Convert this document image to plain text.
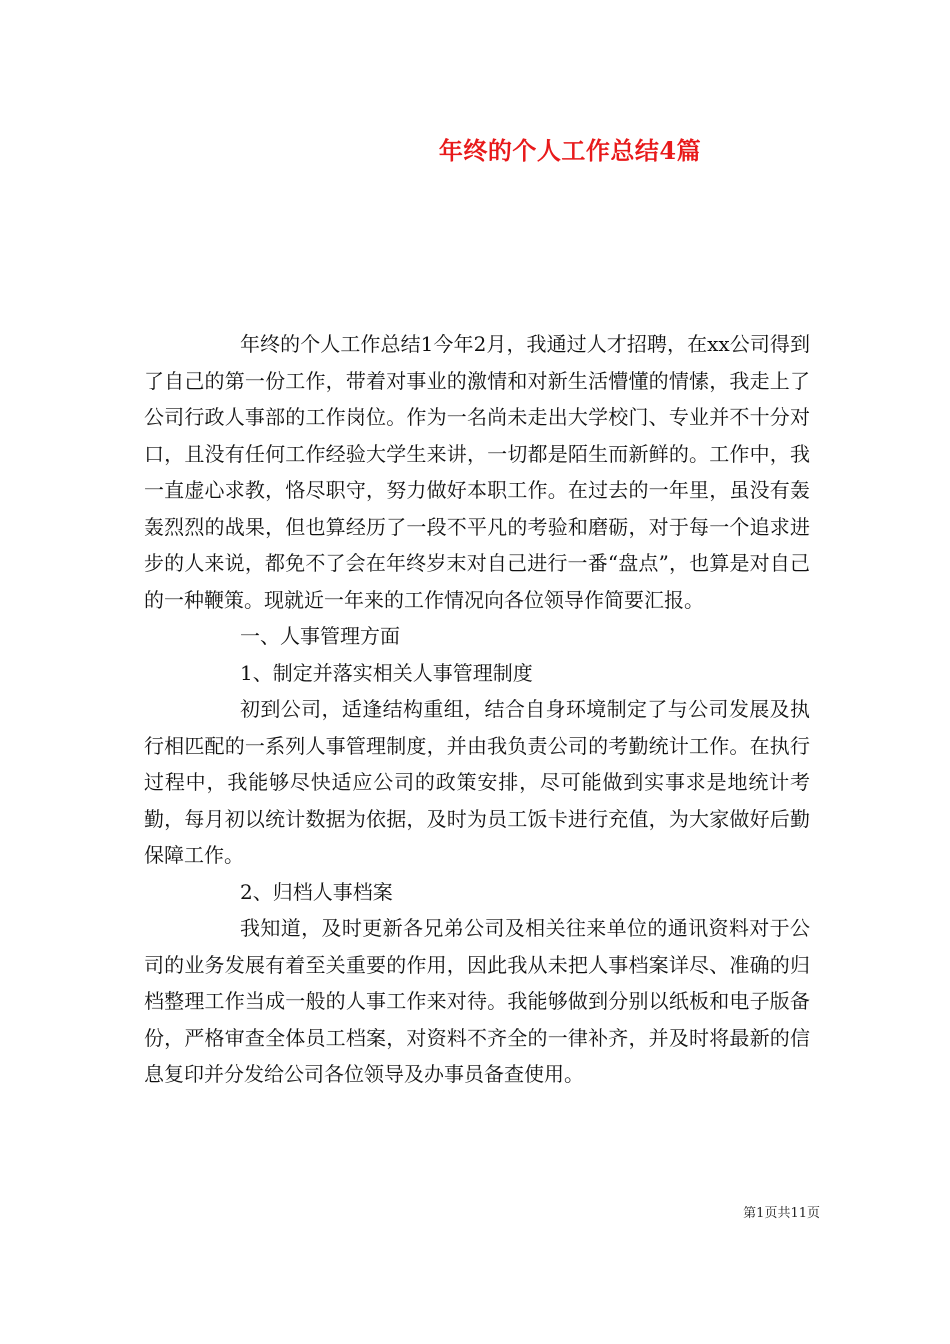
年终的个人工作总结4篇

年终的个人工作总结1今年2月，我通过人才招聘，在xx公司得到了自己的第一份工作，带着对事业的激情和对新生活懵懂的情愫，我走上了公司行政人事部的工作岗位。作为一名尚未走出大学校门、专业并不十分对口，且没有任何工作经验大学生来讲，一切都是陌生而新鲜的。工作中，我一直虚心求教，恪尽职守，努力做好本职工作。在过去的一年里，虽没有轰轰烈烈的战果，但也算经历了一段不平凡的考验和磨砺，对于每一个追求进步的人来说，都免不了会在年终岁末对自己进行一番“盘点”，也算是对自己的一种鞭策。现就近一年来的工作情况向各位领导作简要汇报。

一、人事管理方面

1、制定并落实相关人事管理制度

初到公司，适逢结构重组，结合自身环境制定了与公司发展及执行相匹配的一系列人事管理制度，并由我负责公司的考勤统计工作。在执行过程中，我能够尽快适应公司的政策安排，尽可能做到实事求是地统计考勤，每月初以统计数据为依据，及时为员工饭卡进行充值，为大家做好后勤保障工作。

2、归档人事档案

我知道，及时更新各兄弟公司及相关往来单位的通讯资料对于公司的业务发展有着至关重要的作用，因此我从未把人事档案详尽、准确的归档整理工作当成一般的人事工作来对待。我能够做到分别以纸板和电子版备份，严格审查全体员工档案，对资料不齐全的一律补齐，并及时将最新的信息复印并分发给公司各位领导及办事员备查使用。

第1页共11页
